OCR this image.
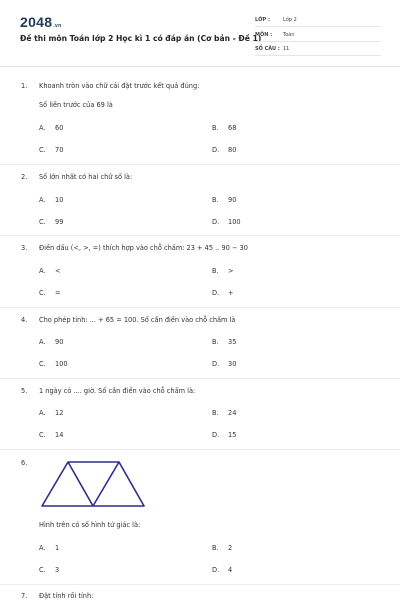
2048.vn
Đề thi môn Toán lớp 2 Học kì 1 có đáp án (Cơ bản - Đề 1)
LỚP :	Lớp 2
MÔN : Toán
SỐ CÂU : 11
1. Khoanh tròn vào chữ cái đặt trước kết quả đúng:
Số liền trước của 69 là
A. 60	B. 68
C. 70	D. 80
2. Số lớn nhất có hai chữ số là:
A. 10	B. 90
C. 99	D. 100
3. Điền dấu (<, >, =) thích hợp vào chỗ chấm: 23 + 45 .. 90 − 30
A. <	B. >
C. =	D. +
4. Cho phép tính: ... + 65 = 100. Số cần điền vào chỗ chấm là
A. 90	B. 35
C. 100	D. 30
5. 1 ngày có .... giờ. Số cần điền vào chỗ chấm là:
A. 12	B. 24
C. 14	D. 15
6.
Hình trên có số hình tứ giác là:
A. 1	B. 2
C. 3	D. 4
7. Đặt tính rồi tính:
